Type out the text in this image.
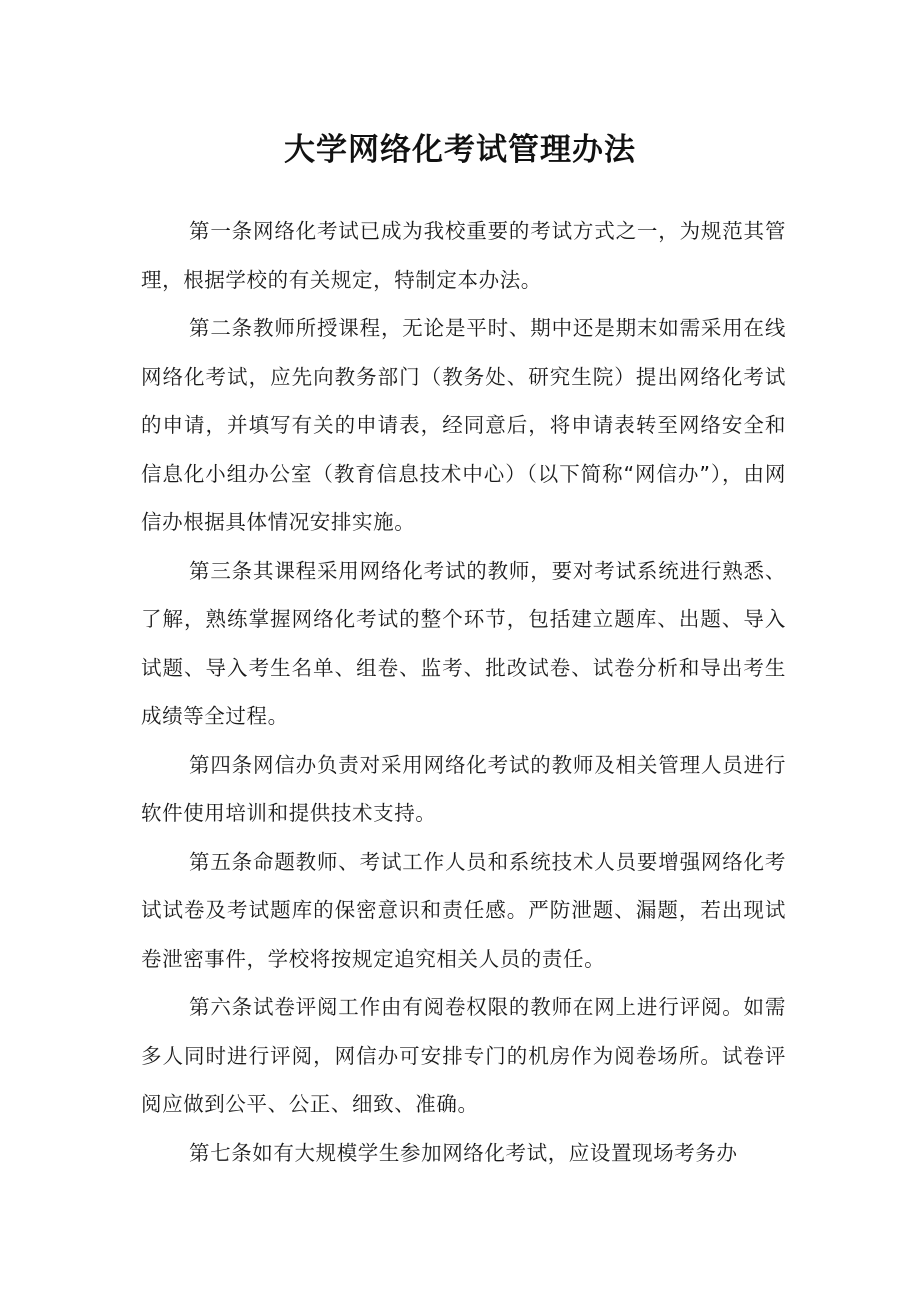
大学网络化考试管理办法

第一条网络化考试已成为我校重要的考试方式之一，为规范其管理，根据学校的有关规定，特制定本办法。

第二条教师所授课程，无论是平时、期中还是期末如需采用在线网络化考试，应先向教务部门（教务处、研究生院）提出网络化考试的申请，并填写有关的申请表，经同意后，将申请表转至网络安全和信息化小组办公室（教育信息技术中心）（以下简称“网信办”），由网信办根据具体情况安排实施。

第三条其课程采用网络化考试的教师，要对考试系统进行熟悉、了解，熟练掌握网络化考试的整个环节，包括建立题库、出题、导入试题、导入考生名单、组卷、监考、批改试卷、试卷分析和导出考生成绩等全过程。

第四条网信办负责对采用网络化考试的教师及相关管理人员进行软件使用培训和提供技术支持。

第五条命题教师、考试工作人员和系统技术人员要增强网络化考试试卷及考试题库的保密意识和责任感。严防泄题、漏题，若出现试卷泄密事件，学校将按规定追究相关人员的责任。

第六条试卷评阅工作由有阅卷权限的教师在网上进行评阅。如需多人同时进行评阅，网信办可安排专门的机房作为阅卷场所。试卷评阅应做到公平、公正、细致、准确。

第七条如有大规模学生参加网络化考试，应设置现场考务办
